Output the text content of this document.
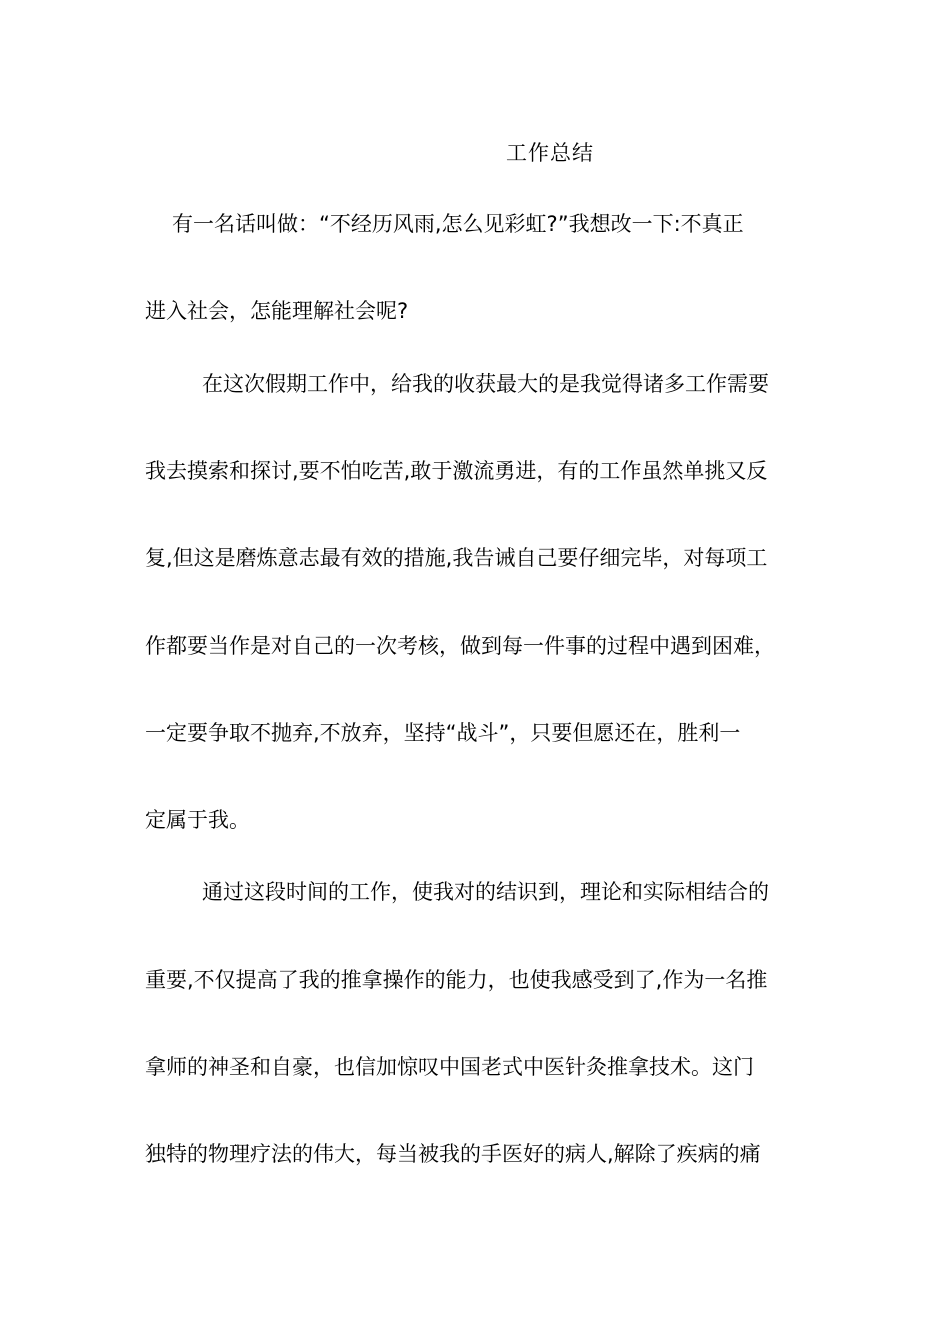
工作总结
有一名话叫做：“不经历风雨,怎么见彩虹?”我想改一下:不真正
进入社会，怎能理解社会呢?
在这次假期工作中，给我的收获最大的是我觉得诸多工作需要
我去摸索和探讨,要不怕吃苦,敢于激流勇进，有的工作虽然单挑又反
复,但这是磨炼意志最有效的措施,我告诫自己要仔细完毕，对每项工
作都要当作是对自己的一次考核，做到每一件事的过程中遇到困难，
一定要争取不抛弃,不放弃，坚持“战斗”，只要但愿还在，胜利一
定属于我。
通过这段时间的工作，使我对的结识到，理论和实际相结合的
重要,不仅提高了我的推拿操作的能力，也使我感受到了,作为一名推
拿师的神圣和自豪，也信加惊叹中国老式中医针灸推拿技术。这门
独特的物理疗法的伟大，每当被我的手医好的病人,解除了疾病的痛
